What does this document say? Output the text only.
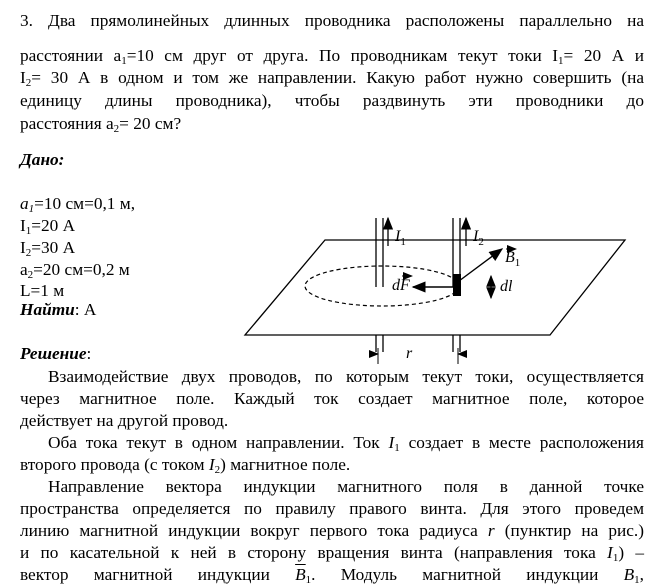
3. Два прямолинейных длинных проводника расположены параллельно на
расстоянии $a_1=10$ см друг от друга. По проводникам текут токи $I_1= 20$ А и
$I_2= 30$ А в одном и том же направлении. Какую работ нужно совершить (на
единицу длины проводника), чтобы раздвинуть эти проводники до
расстояния $a_2= 20$ см?
Дано:
$a_1=10$ см=0,1 м,
$I_1=20$ А
$I_2=30$ А
$a_2=20$ см=0,2 м
L=1 м
Найти: А
$I_1$	$I_2$
$B_1$
dF	dl
r
Решение:
Взаимодействие двух проводов, по которым текут токи, осуществляется
через магнитное поле. Каждый ток создает магнитное поле, которое
действует на другой провод.
Оба тока текут в одном направлении. Ток $I_1$ создает в месте расположения
второго провода (с током $I_2$) магнитное поле.
Направление вектора индукции магнитного поля в данной точке
пространства определяется по правилу правого винта. Для этого проведем
линию магнитной индукции вокруг первого тока радиуса r (пунктир на рис.)
и по касательной к ней в сторону вращения винта (направления тока $I_1$) –
вектор магнитной индукции $\overline{B}_1$. Модуль магнитной индукции $B_1$,
